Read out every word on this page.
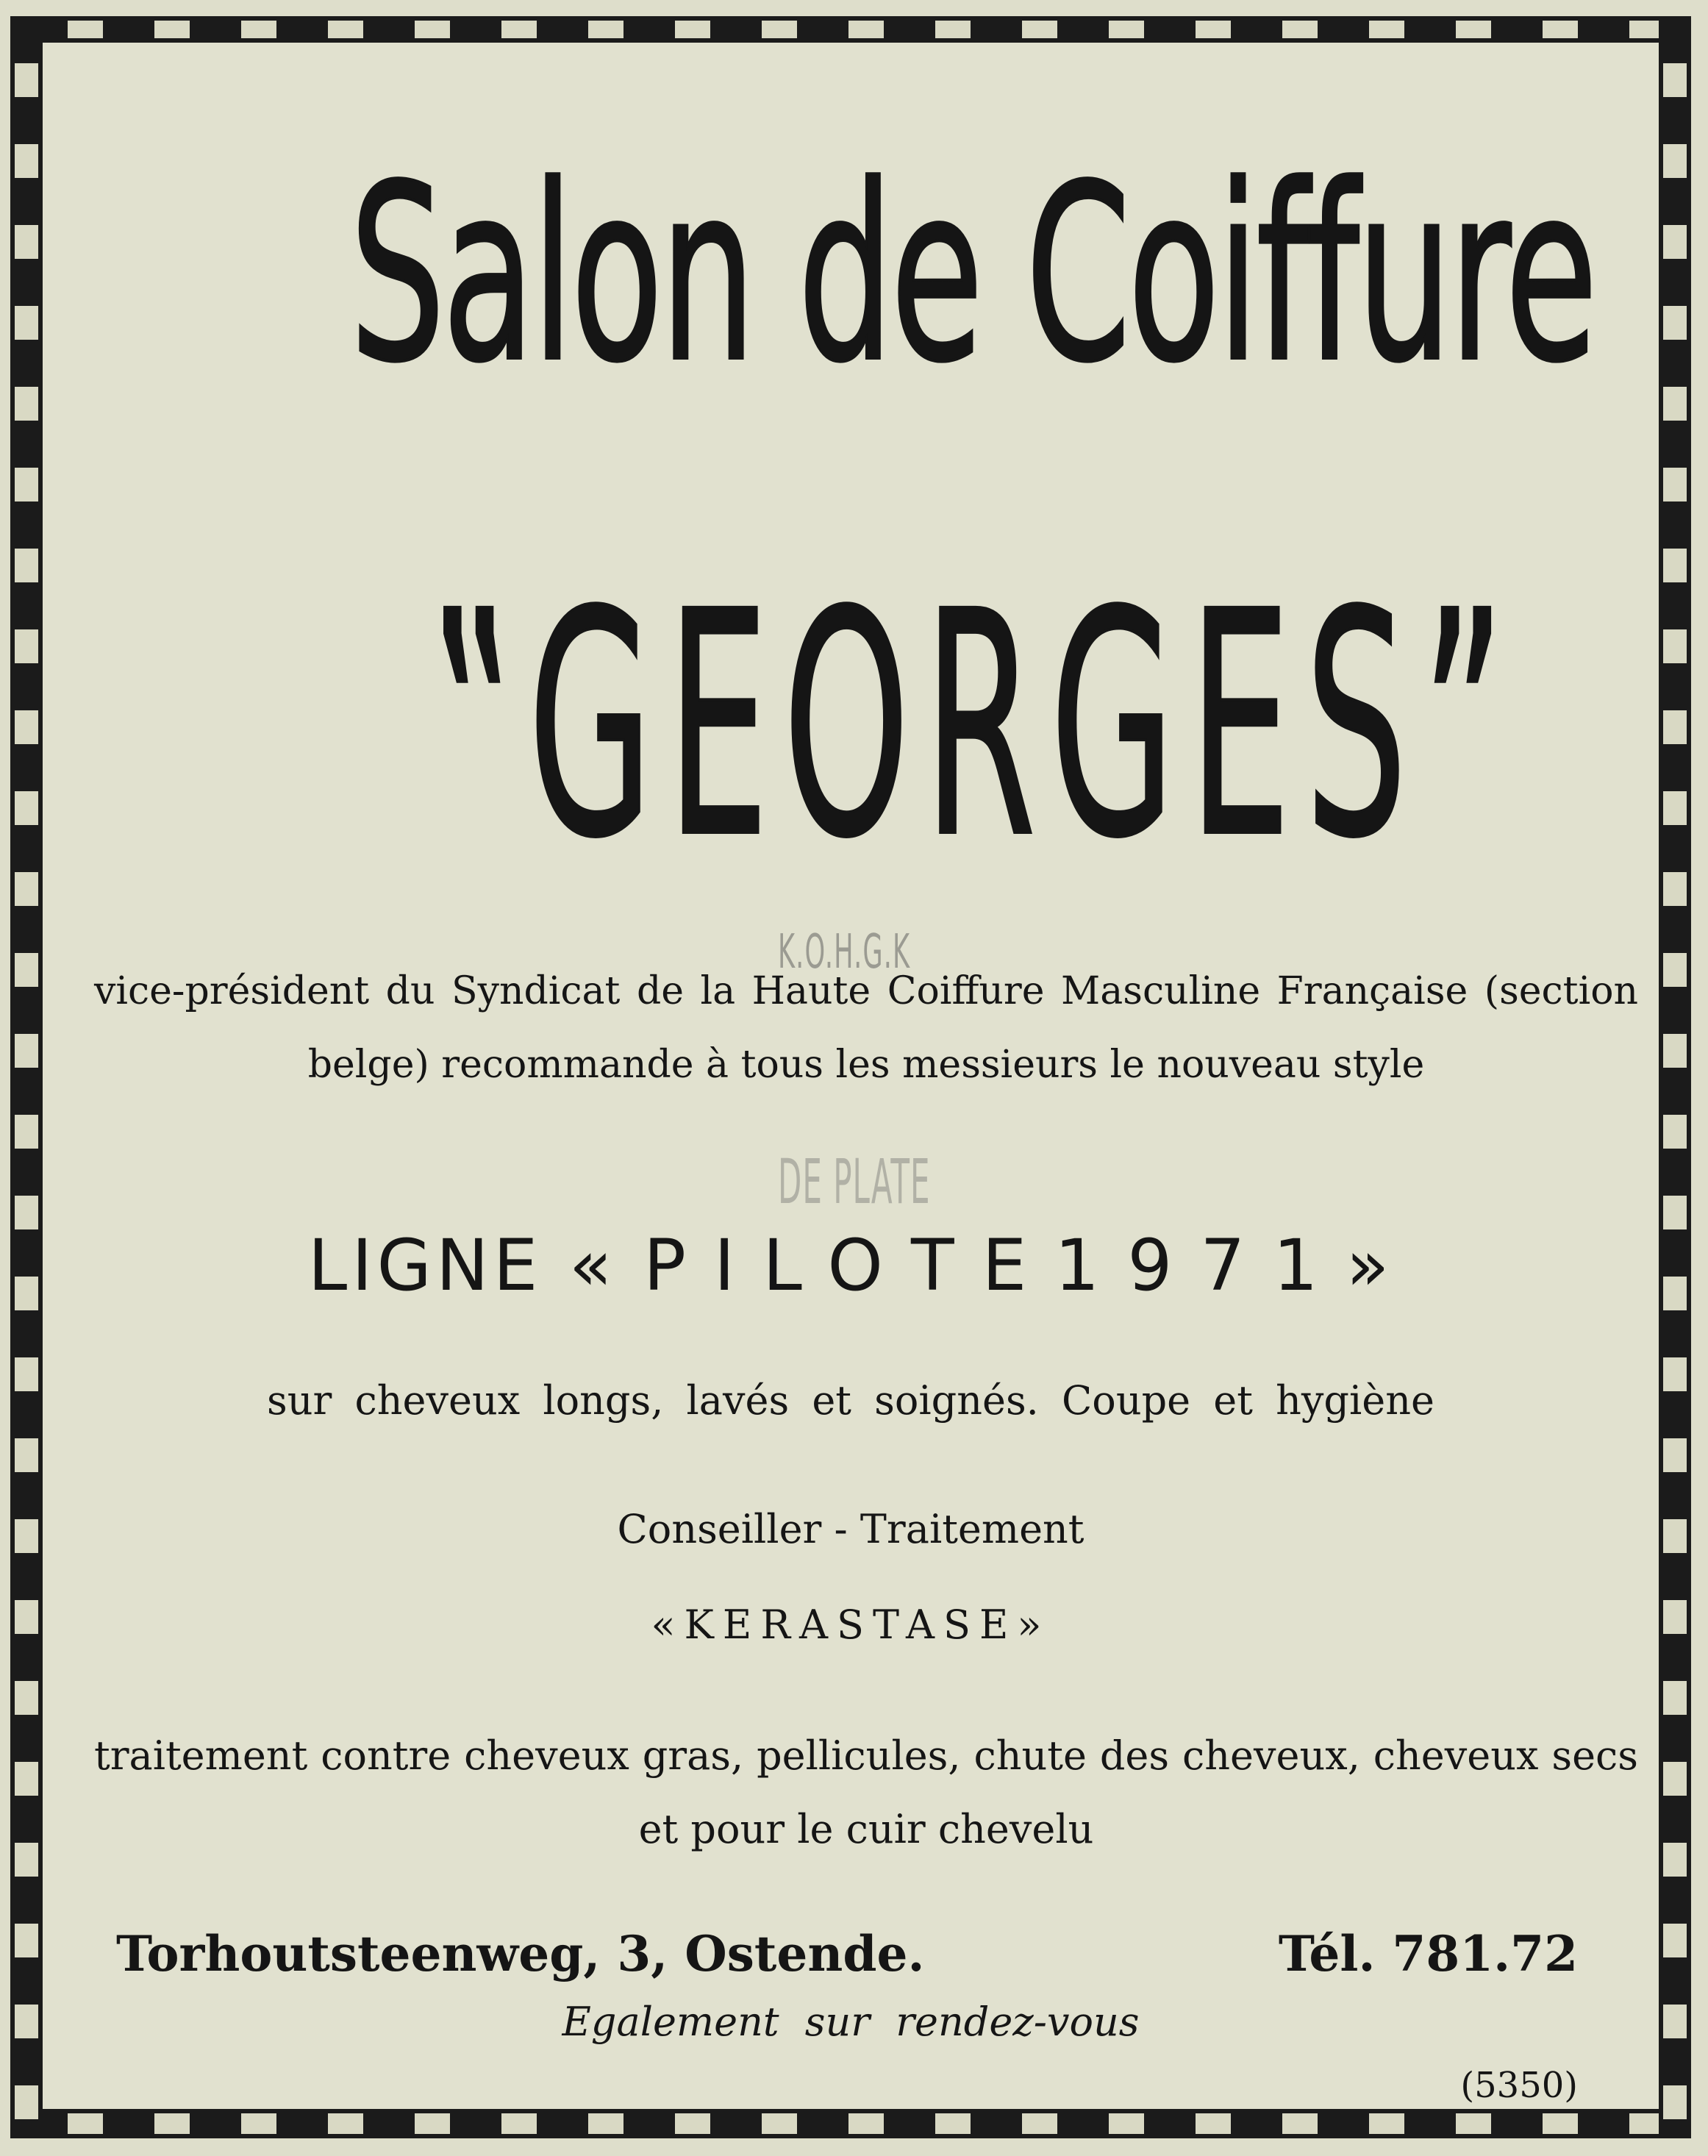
Salon de Coiffure
‟GEORGES”
vice-président du Syndicat de la Haute Coiffure Masculine Française (section belge) recommande à tous les messieurs le nouveau style
LIGNE « PILOTE1971»
sur cheveux longs, lavés et soignés. Coupe et hygiène
Conseiller - Traitement
«KERASTASE»
traitement contre cheveux gras, pellicules, chute des cheveux, cheveux secs et pour le cuir chevelu
Torhoutsteenweg, 3, Ostende.	Tél. 781.72
Egalement sur rendez-vous
(5350)
K.O.H.G.K
DE PLATE
